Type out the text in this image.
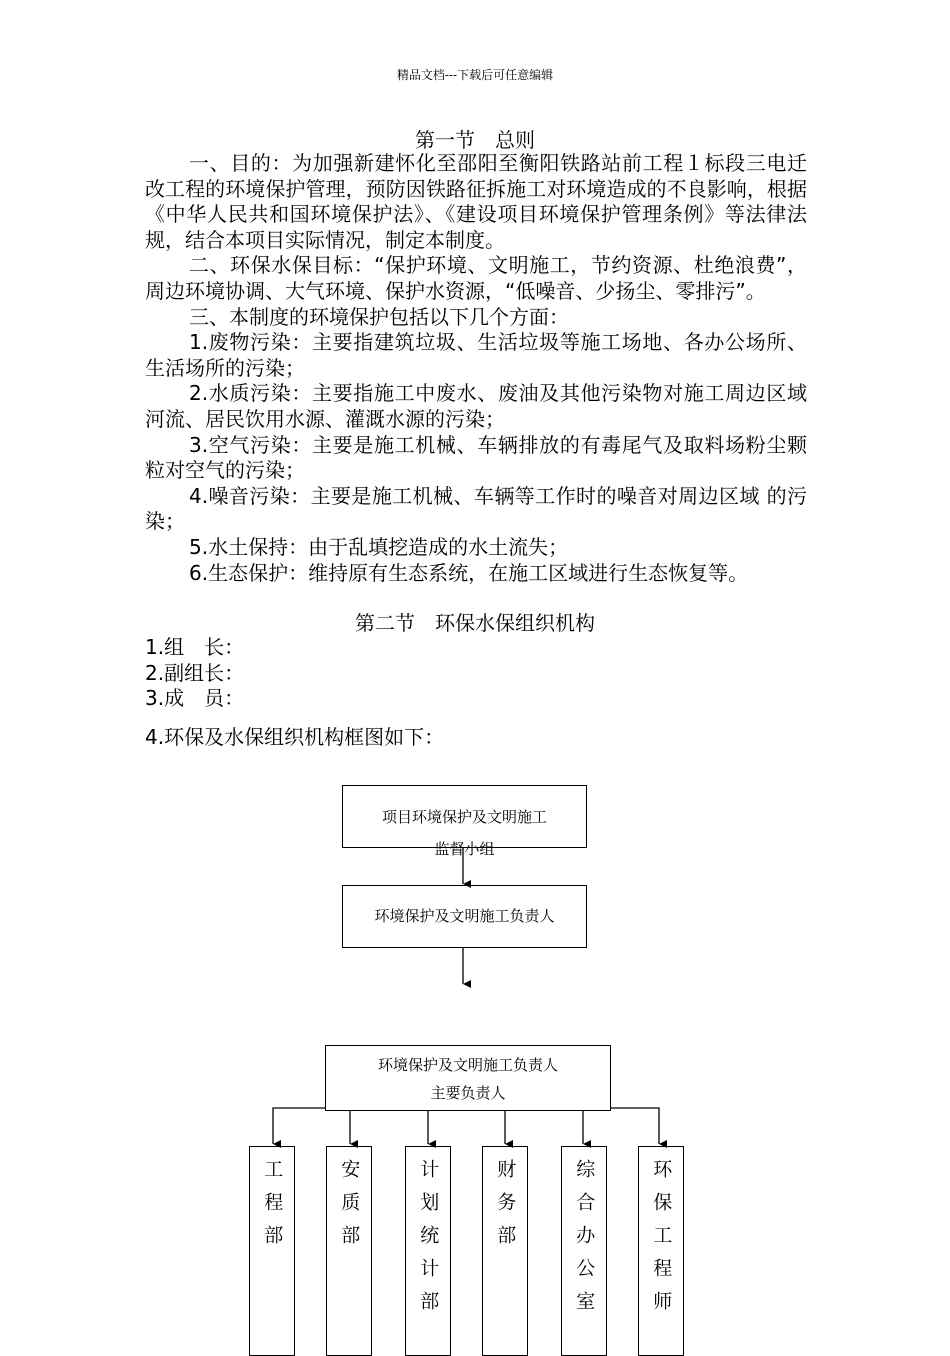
精品文档---下载后可任意编辑
第一节　总则

一、目的：为加强新建怀化至邵阳至衡阳铁路站前工程１标段三电迁改工程的环境保护管理，预防因铁路征拆施工对环境造成的不良影响，根据《中华人民共和国环境保护法》、《建设项目环境保护管理条例》等法律法规，结合本项目实际情况，制定本制度。

二、环保水保目标：“保护环境、文明施工，节约资源、杜绝浪费”，周边环境协调、大气环境、保护水资源，“低噪音、少扬尘、零排污”。

三、本制度的环境保护包括以下几个方面：

1.废物污染：主要指建筑垃圾、生活垃圾等施工场地、各办公场所、生活场所的污染；

2.水质污染：主要指施工中废水、废油及其他污染物对施工周边区域河流、居民饮用水源、灌溉水源的污染；

3.空气污染：主要是施工机械、车辆排放的有毒尾气及取料场粉尘颗粒对空气的污染；

4.噪音污染：主要是施工机械、车辆等工作时的噪音对周边区域 的污染；

5.水土保持：由于乱填挖造成的水土流失；

6.生态保护：维持原有生态系统，在施工区域进行生态恢复等。

第二节　环保水保组织机构

1.组　长：

2.副组长：

3.成　员：

4.环保及水保组织机构框图如下：

项目环境保护及文明施工
监督小组
环境保护及文明施工负责人
环境保护及文明施工负责人
主要负责人
工程部	安质部	计划统计部	财务部	综合办公室	环保工程师
